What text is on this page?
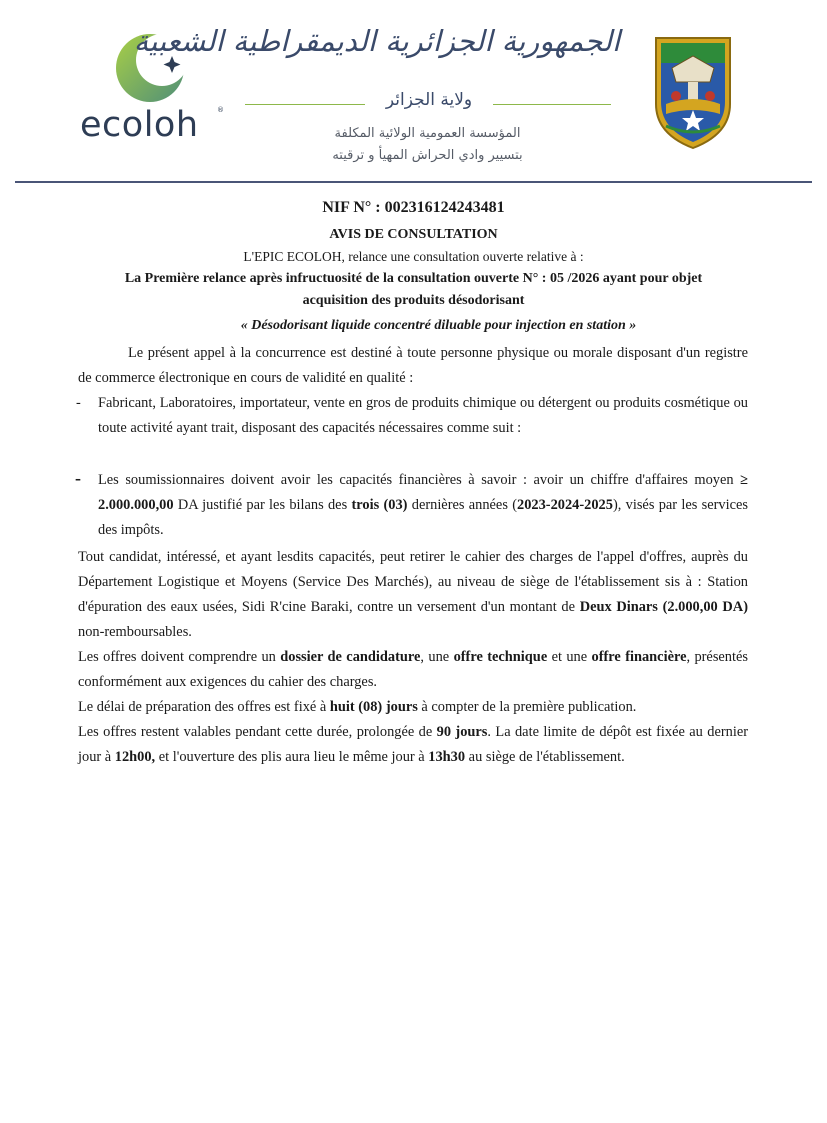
ecoloh	®
الجمهورية الجزائرية الديمقراطية الشعبية
ولاية الجزائر
المؤسسة العمومية الولائية المكلفة
بتسيير وادي الحراش المهيأ و ترقيته
NIF N° : 002316124243481
AVIS DE CONSULTATION
L'EPIC ECOLOH, relance une consultation ouverte relative à :
La Première relance après infructuosité de la consultation ouverte N° : 05 /2026 ayant pour objet
acquisition des produits désodorisant
« Désodorisant liquide concentré diluable pour injection en station »
Le présent appel à la concurrence est destiné à toute personne physique ou morale disposant d'un registre de commerce électronique en cours de validité en qualité :
- Fabricant, Laboratoires, importateur, vente en gros de produits chimique ou détergent ou produits cosmétique ou toute activité ayant trait, disposant des capacités nécessaires comme suit :
- Les soumissionnaires doivent avoir les capacités financières à savoir : avoir un chiffre d'affaires moyen ≥ 2.000.000,00 DA justifié par les bilans des trois (03) dernières années (2023-2024-2025), visés par les services des impôts.
Tout candidat, intéressé, et ayant lesdits capacités, peut retirer le cahier des charges de l'appel d'offres, auprès du Département Logistique et Moyens (Service Des Marchés), au niveau de siège de l'établissement sis à : Station d'épuration des eaux usées, Sidi R'cine Baraki, contre un versement d'un montant de Deux Dinars (2.000,00 DA) non-remboursables.
Les offres doivent comprendre un dossier de candidature, une offre technique et une offre financière, présentés conformément aux exigences du cahier des charges.
Le délai de préparation des offres est fixé à huit (08) jours à compter de la première publication.
Les offres restent valables pendant cette durée, prolongée de 90 jours. La date limite de dépôt est fixée au dernier jour à 12h00, et l'ouverture des plis aura lieu le même jour à 13h30 au siège de l'établissement.
